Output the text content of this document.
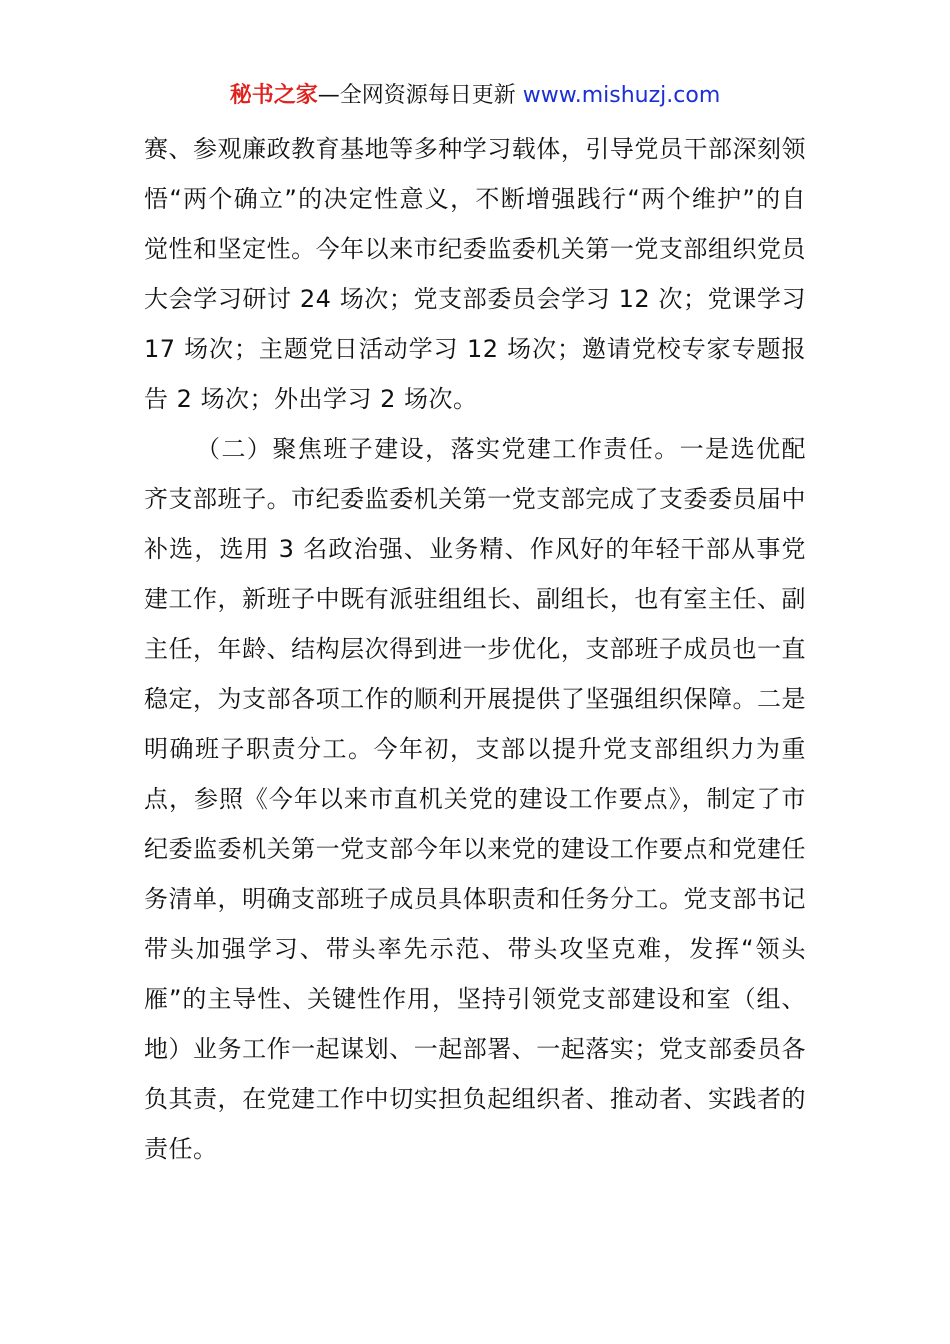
秘书之家—全网资源每日更新 www.mishuzj.com

赛、参观廉政教育基地等多种学习载体，引导党员干部深刻领悟“两个确立”的决定性意义，不断增强践行“两个维护”的自觉性和坚定性。今年以来市纪委监委机关第一党支部组织党员大会学习研讨 24 场次；党支部委员会学习 12 次；党课学习 17 场次；主题党日活动学习 12 场次；邀请党校专家专题报告 2 场次；外出学习 2 场次。

（二）聚焦班子建设，落实党建工作责任。一是选优配齐支部班子。市纪委监委机关第一党支部完成了支委委员届中补选，选用 3 名政治强、业务精、作风好的年轻干部从事党建工作，新班子中既有派驻组组长、副组长，也有室主任、副主任，年龄、结构层次得到进一步优化，支部班子成员也一直稳定，为支部各项工作的顺利开展提供了坚强组织保障。二是明确班子职责分工。今年初，支部以提升党支部组织力为重点，参照《今年以来市直机关党的建设工作要点》，制定了市纪委监委机关第一党支部今年以来党的建设工作要点和党建任务清单，明确支部班子成员具体职责和任务分工。党支部书记带头加强学习、带头率先示范、带头攻坚克难，发挥“领头雁”的主导性、关键性作用，坚持引领党支部建设和室（组、地）业务工作一起谋划、一起部署、一起落实；党支部委员各负其责，在党建工作中切实担负起组织者、推动者、实践者的责任。
